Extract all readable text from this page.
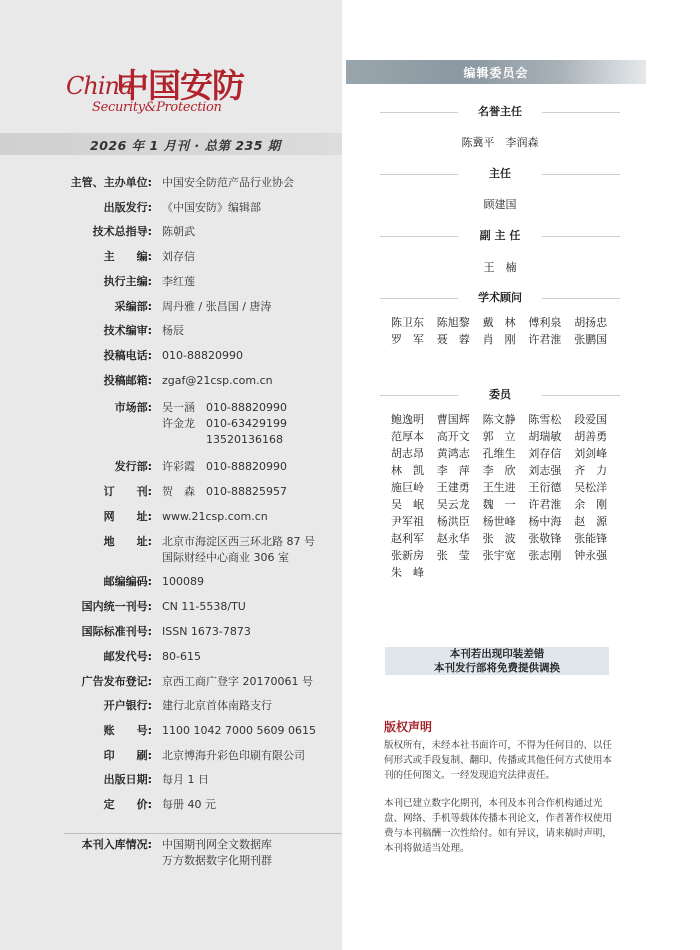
China
中国安防
Security&Protection
2026 年 1 月刊 · 总第 235 期
主管、主办单位: 中国安全防范产品行业协会
出版发行: 《中国安防》编辑部
技术总指导: 陈朝武
主　　编: 刘存信
执行主编: 李红莲
采编部: 周丹雅 / 张昌国 / 唐涛
技术编审: 杨辰
投稿电话: 010-88820990
投稿邮箱: zgaf@21csp.com.cn
市场部: 吴一涵　010-88820990
许金龙　010-63429199
　　　　13520136168
发行部: 许彩霞　010-88820990
订　　刊: 贺　森　010-88825957
网　　址: www.21csp.com.cn
地　　址: 北京市海淀区西三环北路 87 号
国际财经中心商业 306 室
邮编编码: 100089
国内统一刊号: CN 11-5538/TU
国际标准刊号: ISSN 1673-7873
邮发代号: 80-615
广告发布登记: 京西工商广登字 20170061 号
开户银行: 建行北京首体南路支行
账　　号: 1100 1042 7000 5609 0615
印　　刷: 北京博海升彩色印刷有限公司
出版日期: 每月 1 日
定　　价: 每册 40 元
本刊入库情况: 中国期刊网全文数据库
万方数据数字化期刊群
编辑委员会
名誉主任
陈冀平　李润森
主任
顾建国
副 主 任
王　楠
学术顾问
陈卫东 陈旭黎 戴　林 傅利泉 胡扬忠罗　军 聂　蓉 肖　刚 许君淮 张鹏国
委员
鲍逸明 曹国辉 陈文静 陈雪松 段爱国范厚本 高开文 郭　立 胡瑞敏 胡善勇胡志昂 黄鸿志 孔维生 刘存信 刘剑峰林　凯 李　萍 李　欣 刘志强 齐　力施巨岭 王建勇 王生进 王衍德 吴松洋吴　岷 吴云龙 魏　一 许君淮 余　刚尹军祖 杨洪臣 杨世峰 杨中海 赵　源赵利军 赵永华 张　波 张敬锋 张能锋张新房 张　莹 张宇宽 张志刚 钟永强朱　峰
本刊若出现印装差错
本刊发行部将免费提供调换
版权声明
版权所有，未经本社书面许可，不得为任何目的、以任何形式或手段复制、翻印、传播或其他任何方式使用本刊的任何图文。一经发现追究法律责任。
本刊已建立数字化期刊，本刊及本刊合作机构通过光盘、网络、手机等载体传播本刊论文，作者著作权使用费与本刊稿酬一次性给付。如有异议，请来稿时声明，本刊将做适当处理。
